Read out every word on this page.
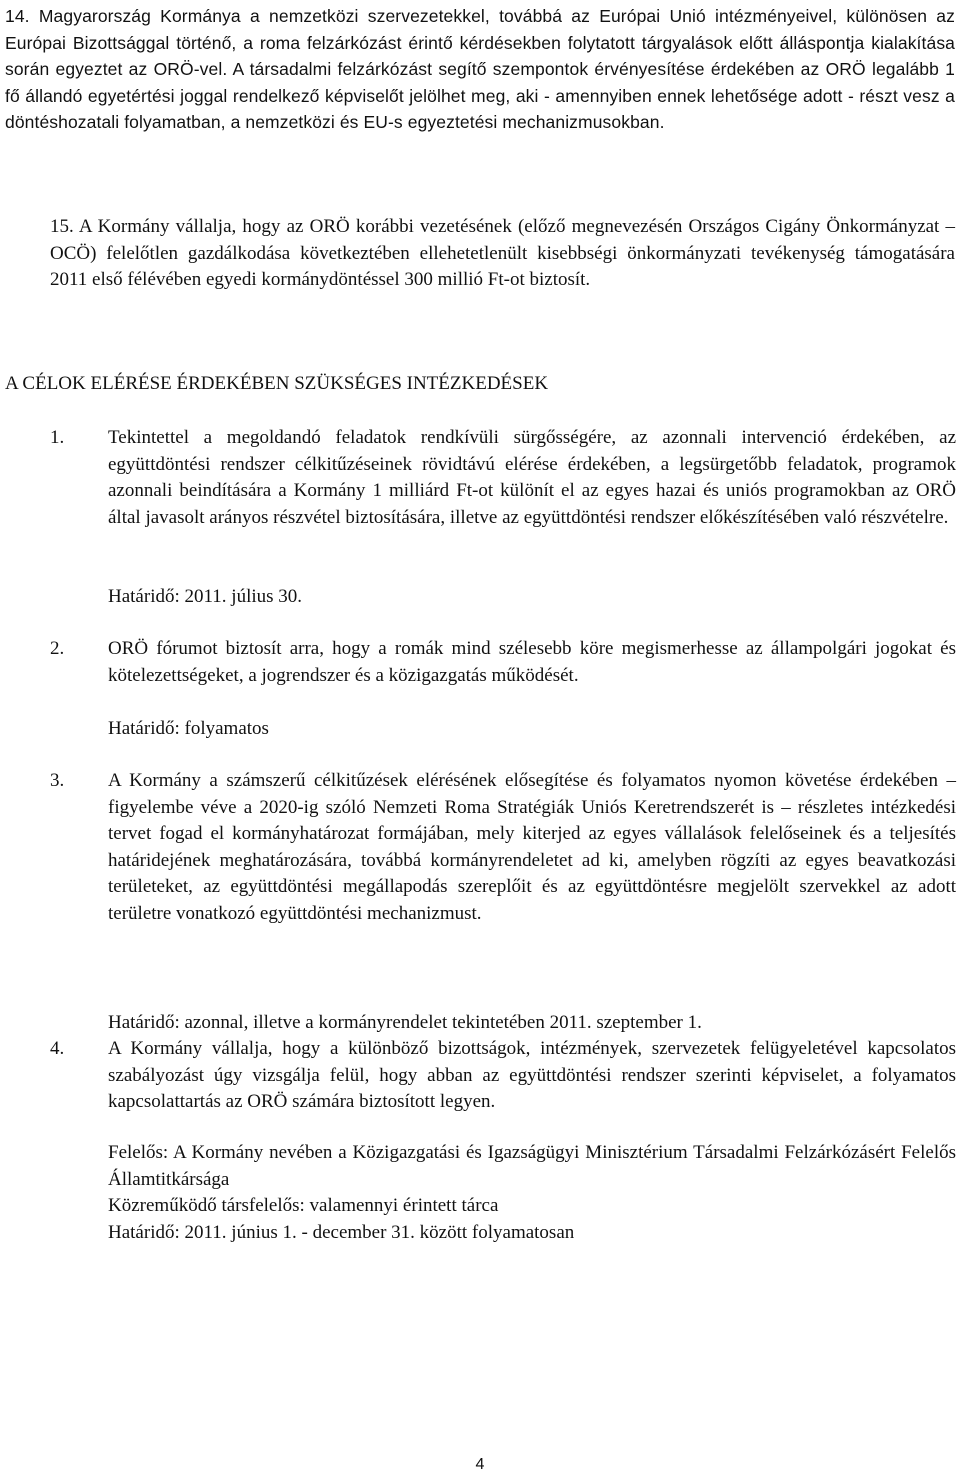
14. Magyarország Kormánya a nemzetközi szervezetekkel, továbbá az Európai Unió intézményeivel, különösen az Európai Bizottsággal történő, a roma felzárkózást érintő kérdésekben folytatott tárgyalások előtt álláspontja kialakítása során egyeztet az ORÖ-vel. A társadalmi felzárkózást segítő szempontok érvényesítése érdekében az ORÖ legalább 1 fő állandó egyetértési joggal rendelkező képviselőt jelölhet meg, aki - amennyiben ennek lehetősége adott - részt vesz a döntéshozatali folyamatban, a nemzetközi és EU-s egyeztetési mechanizmusokban.
15. A Kormány vállalja, hogy az ORÖ korábbi vezetésének (előző megnevezésén Országos Cigány Önkormányzat – OCÖ) felelőtlen gazdálkodása következtében ellehetetlenült kisebbségi önkormányzati tevékenység támogatására 2011 első félévében egyedi kormánydöntéssel 300 millió Ft-ot biztosít.
A CÉLOK ELÉRÉSE ÉRDEKÉBEN SZÜKSÉGES INTÉZKEDÉSEK
1.	Tekintettel a megoldandó feladatok rendkívüli sürgősségére, az azonnali intervenció érdekében, az együttdöntési rendszer célkitűzéseinek rövidtávú elérése érdekében, a legsürgetőbb feladatok, programok azonnali beindítására a Kormány 1 milliárd Ft-ot különít el az egyes hazai és uniós programokban az ORÖ által javasolt arányos részvétel biztosítására, illetve az együttdöntési rendszer előkészítésében való részvételre.
Határidő: 2011. július 30.
2.	ORÖ fórumot biztosít arra, hogy a romák mind szélesebb köre megismerhesse az állampolgári jogokat és kötelezettségeket, a jogrendszer és a közigazgatás működését.
Határidő: folyamatos
3.	A Kormány a számszerű célkitűzések elérésének elősegítése és folyamatos nyomon követése érdekében – figyelembe véve a 2020-ig szóló Nemzeti Roma Stratégiák Uniós Keretrendszerét is – részletes intézkedési tervet fogad el kormányhatározat formájában, mely kiterjed az egyes vállalások felelőseinek és a teljesítés határidejének meghatározására, továbbá kormányrendeletet ad ki, amelyben rögzíti az egyes beavatkozási területeket, az együttdöntési megállapodás szereplőit és az együttdöntésre megjelölt szervekkel az adott területre vonatkozó együttdöntési mechanizmust.
Határidő: azonnal, illetve a kormányrendelet tekintetében 2011. szeptember 1.
4.	A Kormány vállalja, hogy a különböző bizottságok, intézmények, szervezetek felügyeletével kapcsolatos szabályozást úgy vizsgálja felül, hogy abban az együttdöntési rendszer szerinti képviselet, a folyamatos kapcsolattartás az ORÖ számára biztosított legyen.
Felelős: A Kormány nevében a Közigazgatási és Igazságügyi Minisztérium Társadalmi Felzárkózásért Felelős Államtitkársága
Közreműködő társfelelős: valamennyi érintett tárca
Határidő: 2011. június 1. - december 31. között folyamatosan
4
